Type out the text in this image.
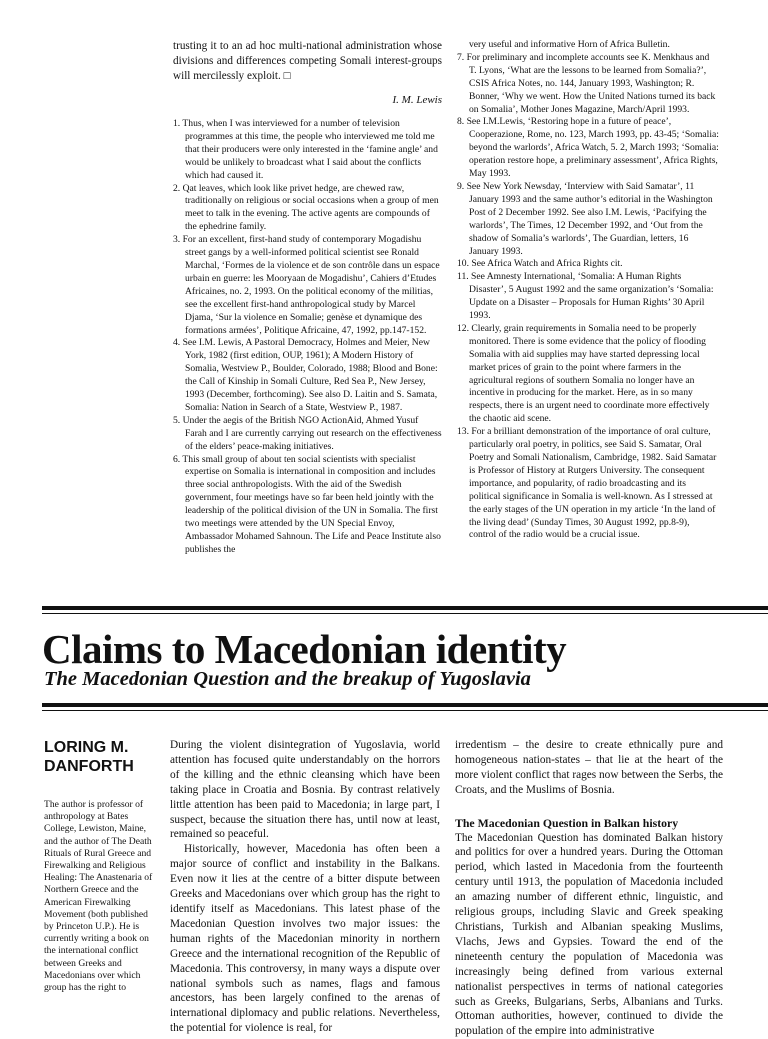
trusting it to an ad hoc multi-national administration whose divisions and differences competing Somali interest-groups will mercilessly exploit. □

I. M. Lewis

1. Thus, when I was interviewed for a number of television programmes at this time, the people who interviewed me told me that their producers were only interested in the ‘famine angle’ and would be unlikely to broadcast what I said about the conflicts which had caused it.

2. Qat leaves, which look like privet hedge, are chewed raw, traditionally on religious or social occasions when a group of men meet to talk in the evening. The active agents are compounds of the ephedrine family.

3. For an excellent, first-hand study of contemporary Mogadishu street gangs by a well-informed political scientist see Ronald Marchal, ‘Formes de la violence et de son contrôle dans un espace urbain en guerre: les Mooryaan de Mogadishu’, Cahiers d’Etudes Africaines, no. 2, 1993. On the political economy of the militias, see the excellent first-hand anthropological study by Marcel Djama, ‘Sur la violence en Somalie; genèse et dynamique des formations armées’, Politique Africaine, 47, 1992, pp.147-152.

4. See I.M. Lewis, A Pastoral Democracy, Holmes and Meier, New York, 1982 (first edition, OUP, 1961); A Modern History of Somalia, Westview P., Boulder, Colorado, 1988; Blood and Bone: the Call of Kinship in Somali Culture, Red Sea P., New Jersey, 1993 (December, forthcoming). See also D. Laitin and S. Samata, Somalia: Nation in Search of a State, Westview P., 1987.

5. Under the aegis of the British NGO ActionAid, Ahmed Yusuf Farah and I are currently carrying out research on the effectiveness of the elders’ peace-making initiatives.

6. This small group of about ten social scientists with specialist expertise on Somalia is international in composition and includes three social anthropologists. With the aid of the Swedish government, four meetings have so far been held jointly with the leadership of the political division of the UN in Somalia. The first two meetings were attended by the UN Special Envoy, Ambassador Mohamed Sahnoun. The Life and Peace Institute also publishes the

very useful and informative Horn of Africa Bulletin.

7. For preliminary and incomplete accounts see K. Menkhaus and T. Lyons, ‘What are the lessons to be learned from Somalia?’, CSIS Africa Notes, no. 144, January 1993, Washington; R. Bonner, ‘Why we went. How the United Nations turned its back on Somalia’, Mother Jones Magazine, March/April 1993.

8. See I.M.Lewis, ‘Restoring hope in a future of peace’, Cooperazione, Rome, no. 123, March 1993, pp. 43-45; ‘Somalia: beyond the warlords’, Africa Watch, 5. 2, March 1993; ‘Somalia: operation restore hope, a preliminary assessment’, Africa Rights, May 1993.

9. See New York Newsday, ‘Interview with Said Samatar’, 11 January 1993 and the same author’s editorial in the Washington Post of 2 December 1992. See also I.M. Lewis, ‘Pacifying the warlords’, The Times, 12 December 1992, and ‘Out from the shadow of Somalia’s warlords’, The Guardian, letters, 16 January 1993.

10. See Africa Watch and Africa Rights cit.

11. See Amnesty International, ‘Somalia: A Human Rights Disaster’, 5 August 1992 and the same organization’s ‘Somalia: Update on a Disaster – Proposals for Human Rights’ 30 April 1993.

12. Clearly, grain requirements in Somalia need to be properly monitored. There is some evidence that the policy of flooding Somalia with aid supplies may have started depressing local market prices of grain to the point where farmers in the agricultural regions of southern Somalia no longer have an incentive in producing for the market. Here, as in so many respects, there is an urgent need to coordinate more effectively the chaotic aid scene.

13. For a brilliant demonstration of the importance of oral culture, particularly oral poetry, in politics, see Said S. Samatar, Oral Poetry and Somali Nationalism, Cambridge, 1982. Said Samatar is Professor of History at Rutgers University. The consequent importance, and popularity, of radio broadcasting and its political significance in Somalia is well-known. As I stressed at the early stages of the UN operation in my article ‘In the land of the living dead’ (Sunday Times, 30 August 1992, pp.8-9), control of the radio would be a crucial issue.

Claims to Macedonian identity
The Macedonian Question and the breakup of Yugoslavia

LORING M. DANFORTH

The author is professor of anthropology at Bates College, Lewiston, Maine, and the author of The Death Rituals of Rural Greece and Firewalking and Religious Healing: The Anastenaria of Northern Greece and the American Firewalking Movement (both published by Princeton U.P.). He is currently writing a book on the international conflict between Greeks and Macedonians over which group has the right to

During the violent disintegration of Yugoslavia, world attention has focused quite understandably on the horrors of the killing and the ethnic cleansing which have been taking place in Croatia and Bosnia. By contrast relatively little attention has been paid to Macedonia; in large part, I suspect, because the situation there has, until now at least, remained so peaceful.

Historically, however, Macedonia has often been a major source of conflict and instability in the Balkans. Even now it lies at the centre of a bitter dispute between Greeks and Macedonians over which group has the right to identify itself as Macedonians. This latest phase of the Macedonian Question involves two major issues: the human rights of the Macedonian minority in northern Greece and the international recognition of the Republic of Macedonia. This controversy, in many ways a dispute over national symbols such as names, flags and famous ancestors, has been largely confined to the arenas of international diplomacy and public relations. Nevertheless, the potential for violence is real, for

irredentism – the desire to create ethnically pure and homogeneous nation-states – that lie at the heart of the more violent conflict that rages now between the Serbs, the Croats, and the Muslims of Bosnia.

The Macedonian Question in Balkan history

The Macedonian Question has dominated Balkan history and politics for over a hundred years. During the Ottoman period, which lasted in Macedonia from the fourteenth century until 1913, the population of Macedonia included an amazing number of different ethnic, linguistic, and religious groups, including Slavic and Greek speaking Christians, Turkish and Albanian speaking Muslims, Vlachs, Jews and Gypsies. Toward the end of the nineteenth century the population of Macedonia was increasingly being defined from various external nationalist perspectives in terms of national categories such as Greeks, Bulgarians, Serbs, Albanians and Turks. Ottoman authorities, however, continued to divide the population of the empire into administrative
